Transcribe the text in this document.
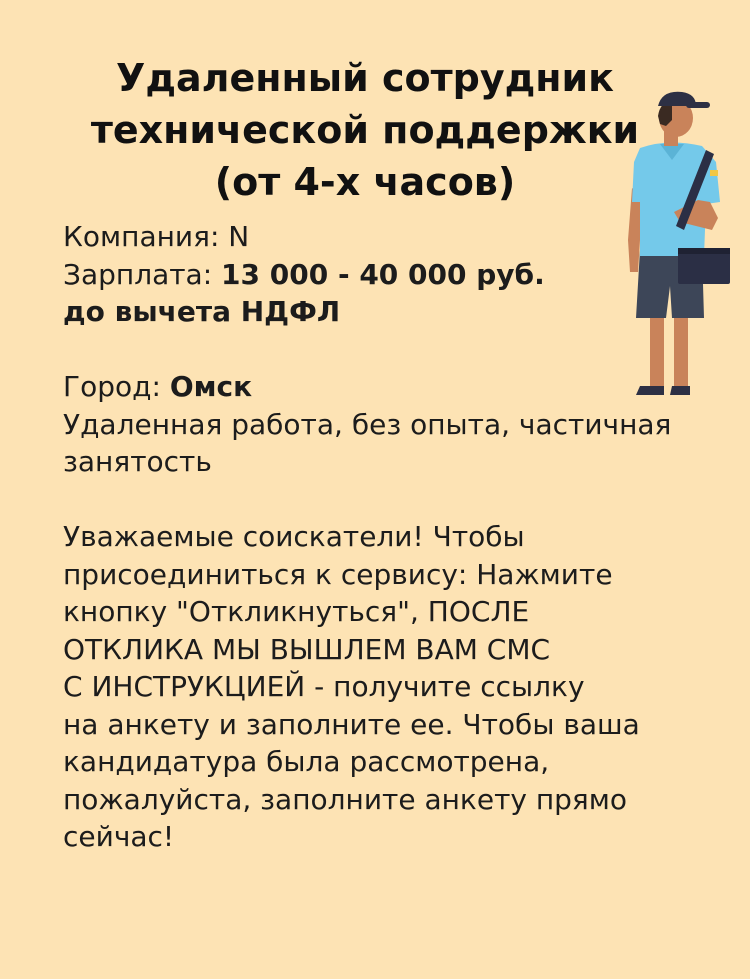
Удаленный сотрудник
технической поддержки
(от 4-х часов)
Компания: N
Зарплата: 13 000 - 40 000 руб.
до вычета НДФЛ
Город: Омск
Удаленная работа, без опыта, частичная
занятость
Уважаемые соискатели! Чтобы
присоединиться к сервису: Нажмите
кнопку "Откликнуться", ПОСЛЕ
ОТКЛИКА МЫ ВЫШЛЕМ ВАМ СМС
С ИНСТРУКЦИЕЙ - получите ссылку
на анкету и заполните ее. Чтобы ваша
кандидатура была рассмотрена,
пожалуйста, заполните анкету прямо
сейчас!
